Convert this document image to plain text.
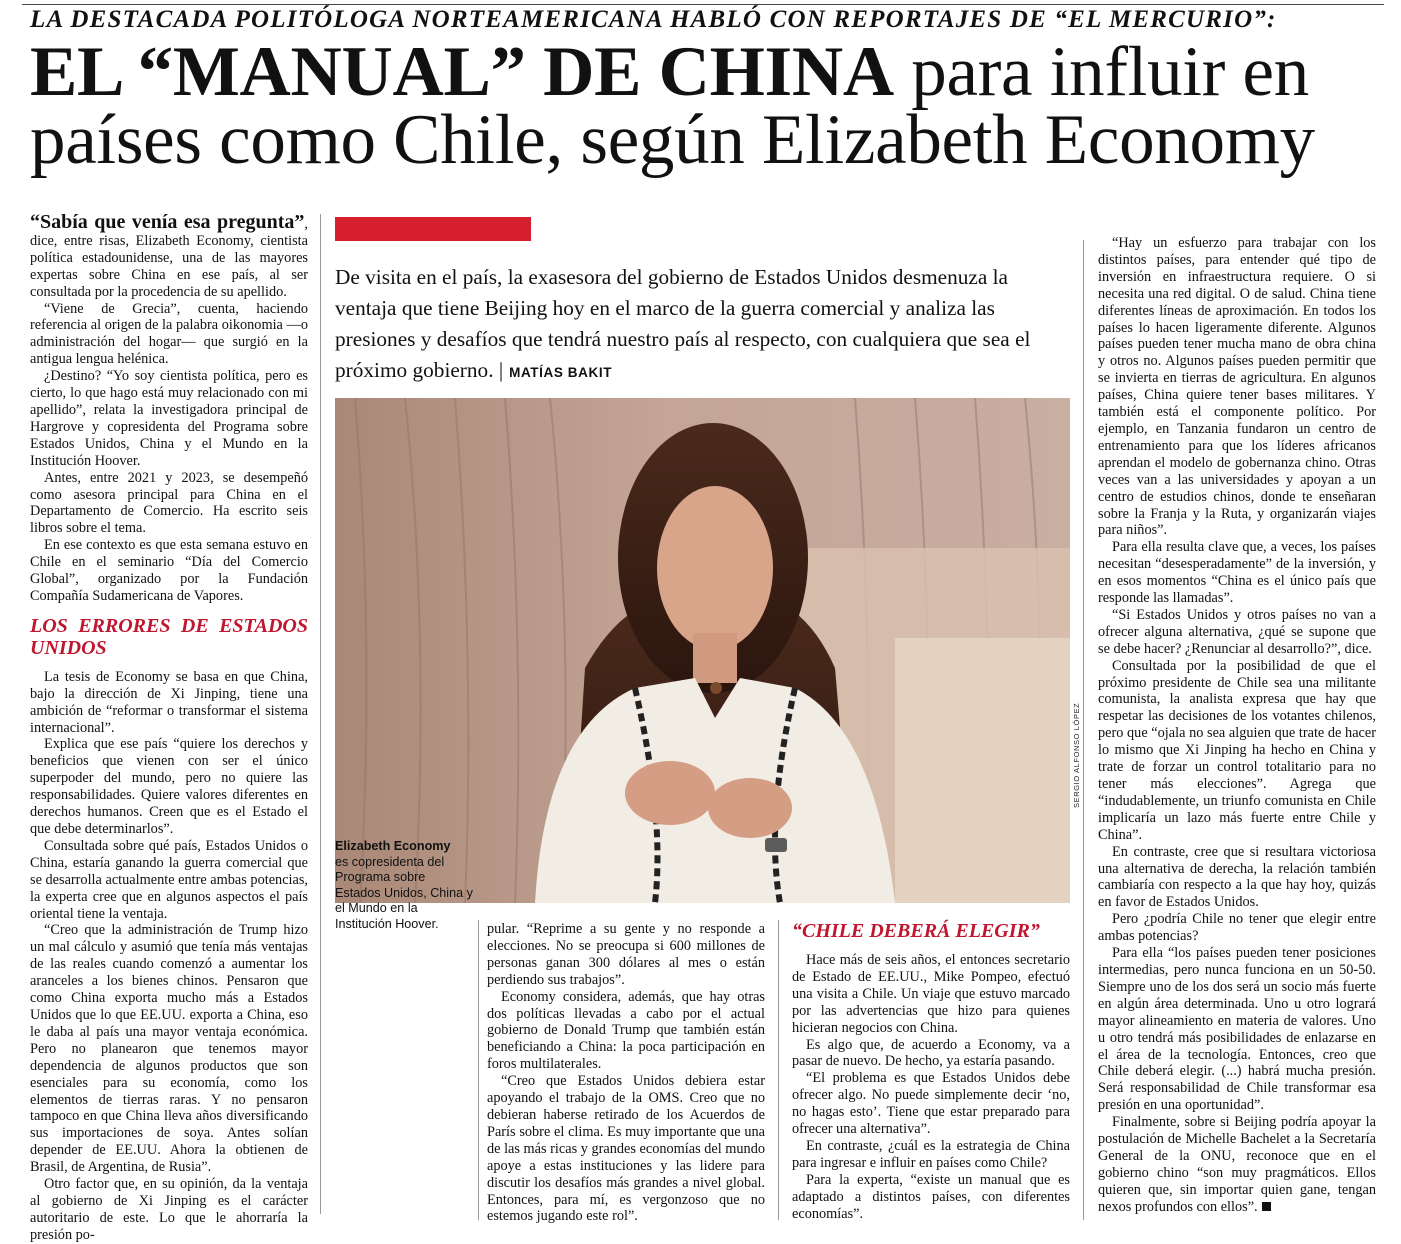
LA DESTACADA POLITÓLOGA NORTEAMERICANA HABLÓ CON REPORTAJES DE “EL MERCURIO”:
EL “MANUAL” DE CHINA para influir en
países como Chile, según Elizabeth Economy

“Sabía que venía esa pregunta”, dice, entre risas, Elizabeth Economy, cientista política estadounidense, una de las mayores expertas sobre China en ese país, al ser consultada por la procedencia de su apellido.

“Viene de Grecia”, cuenta, haciendo referencia al origen de la palabra oikonomia —o administración del hogar— que surgió en la antigua lengua helénica.

¿Destino? “Yo soy cientista política, pero es cierto, lo que hago está muy relacionado con mi apellido”, relata la investigadora principal de Hargrove y copresidenta del Programa sobre Estados Unidos, China y el Mundo en la Institución Hoover.

Antes, entre 2021 y 2023, se desempeñó como asesora principal para China en el Departamento de Comercio. Ha escrito seis libros sobre el tema.

En ese contexto es que esta semana estuvo en Chile en el seminario “Día del Comercio Global”, organizado por la Fundación Compañía Sudamericana de Vapores.

LOS ERRORES DE ESTADOS UNIDOS

La tesis de Economy se basa en que China, bajo la dirección de Xi Jinping, tiene una ambición de “reformar o transformar el sistema internacional”.

Explica que ese país “quiere los derechos y beneficios que vienen con ser el único superpoder del mundo, pero no quiere las responsabilidades. Quiere valores diferentes en derechos humanos. Creen que es el Estado el que debe determinarlos”.

Consultada sobre qué país, Estados Unidos o China, estaría ganando la guerra comercial que se desarrolla actualmente entre ambas potencias, la experta cree que en algunos aspectos el país oriental tiene la ventaja.

“Creo que la administración de Trump hizo un mal cálculo y asumió que tenía más ventajas de las reales cuando comenzó a aumentar los aranceles a los bienes chinos. Pensaron que como China exporta mucho más a Estados Unidos que lo que EE.UU. exporta a China, eso le daba al país una mayor ventaja económica. Pero no planearon que tenemos mayor dependencia de algunos productos que son esenciales para su economía, como los elementos de tierras raras. Y no pensaron tampoco en que China lleva años diversificando sus importaciones de soya. Antes solían depender de EE.UU. Ahora la obtienen de Brasil, de Argentina, de Rusia”.

Otro factor que, en su opinión, da la ventaja al gobierno de Xi Jinping es el carácter autoritario de este. Lo que le ahorraría la presión po-

De visita en el país, la exasesora del gobierno de Estados Unidos desmenuza la ventaja que tiene Beijing hoy en el marco de la guerra comercial y analiza las presiones y desafíos que tendrá nuestro país al respecto, con cualquiera que sea el próximo gobierno. | MATÍAS BAKIT
SERGIO ALFONSO LÓPEZ
Elizabeth Economy
es copresidenta del Programa sobre Estados Unidos, China y el Mundo en la Institución Hoover.	pular. “Reprime a su gente y no responde a elecciones. No se preocupa si 600 millones de personas ganan 300 dólares al mes o están perdiendo sus trabajos”.

Economy considera, además, que hay otras dos políticas llevadas a cabo por el actual gobierno de Donald Trump que también están beneficiando a China: la poca participación en foros multilaterales.

“Creo que Estados Unidos debiera estar apoyando el trabajo de la OMS. Creo que no debieran haberse retirado de los Acuerdos de París sobre el clima. Es muy importante que una de las más ricas y grandes economías del mundo apoye a estas instituciones y las lidere para discutir los desafíos más grandes a nivel global. Entonces, para mí, es vergonzoso que no estemos jugando este rol”.

“CHILE DEBERÁ ELEGIR”

Hace más de seis años, el entonces secretario de Estado de EE.UU., Mike Pompeo, efectuó una visita a Chile. Un viaje que estuvo marcado por las advertencias que hizo para quienes hicieran negocios con China.

Es algo que, de acuerdo a Economy, va a pasar de nuevo. De hecho, ya estaría pasando.

“El problema es que Estados Unidos debe ofrecer algo. No puede simplemente decir ‘no, no hagas esto’. Tiene que estar preparado para ofrecer una alternativa”.

En contraste, ¿cuál es la estrategia de China para ingresar e influir en países como Chile?

Para la experta, “existe un manual que es adaptado a distintos países, con diferentes economías”.

“Hay un esfuerzo para trabajar con los distintos países, para entender qué tipo de inversión en infraestructura requiere. O si necesita una red digital. O de salud. China tiene diferentes líneas de aproximación. En todos los países lo hacen ligeramente diferente. Algunos países pueden tener mucha mano de obra china y otros no. Algunos países pueden permitir que se invierta en tierras de agricultura. En algunos países, China quiere tener bases militares. Y también está el componente político. Por ejemplo, en Tanzania fundaron un centro de entrenamiento para que los líderes africanos aprendan el modelo de gobernanza chino. Otras veces van a las universidades y apoyan a un centro de estudios chinos, donde te enseñaran sobre la Franja y la Ruta, y organizarán viajes para niños”.

Para ella resulta clave que, a veces, los países necesitan “desesperadamente” de la inversión, y en esos momentos “China es el único país que responde las llamadas”.

“Si Estados Unidos y otros países no van a ofrecer alguna alternativa, ¿qué se supone que se debe hacer? ¿Renunciar al desarrollo?”, dice.

Consultada por la posibilidad de que el próximo presidente de Chile sea una militante comunista, la analista expresa que hay que respetar las decisiones de los votantes chilenos, pero que “ojala no sea alguien que trate de hacer lo mismo que Xi Jinping ha hecho en China y trate de forzar un control totalitario para no tener más elecciones”. Agrega que “indudablemente, un triunfo comunista en Chile implicaría un lazo más fuerte entre Chile y China”.

En contraste, cree que si resultara victoriosa una alternativa de derecha, la relación también cambiaría con respecto a la que hay hoy, quizás en favor de Estados Unidos.

Pero ¿podría Chile no tener que elegir entre ambas potencias?

Para ella “los países pueden tener posiciones intermedias, pero nunca funciona en un 50-50. Siempre uno de los dos será un socio más fuerte en algún área determinada. Uno u otro logrará mayor alineamiento en materia de valores. Uno u otro tendrá más posibilidades de enlazarse en el área de la tecnología. Entonces, creo que Chile deberá elegir. (...) habrá mucha presión. Será responsabilidad de Chile transformar esa presión en una oportunidad”.

Finalmente, sobre si Beijing podría apoyar la postulación de Michelle Bachelet a la Secretaría General de la ONU, reconoce que en el gobierno chino “son muy pragmáticos. Ellos quieren que, sin importar quien gane, tengan nexos profundos con ellos”.
